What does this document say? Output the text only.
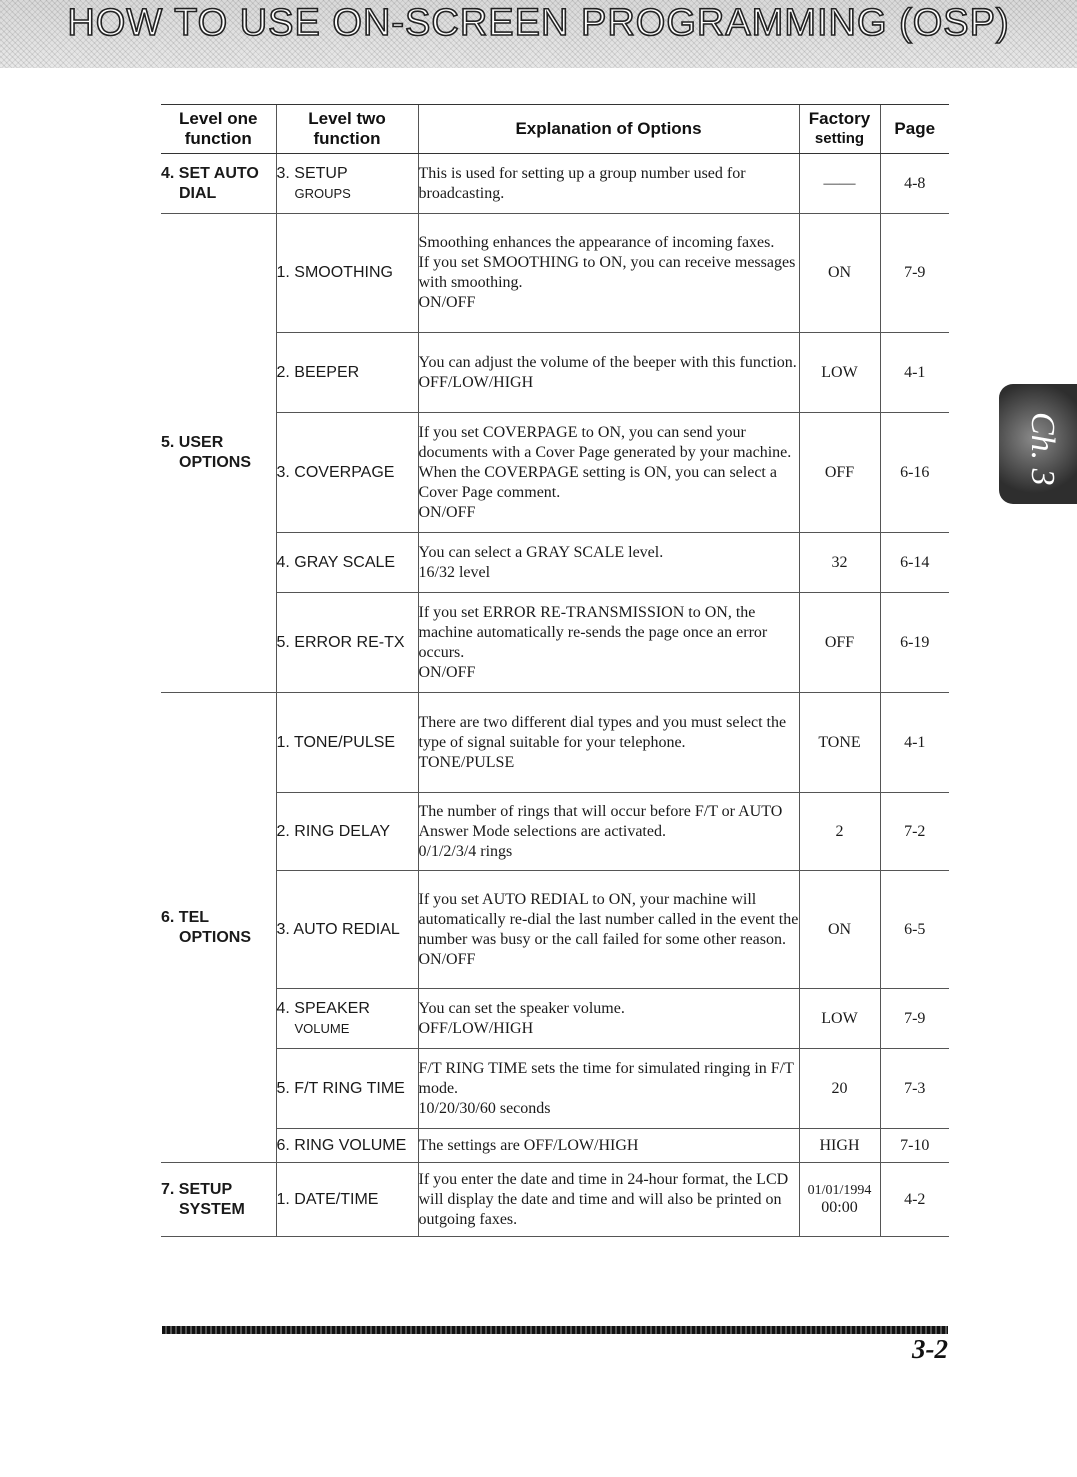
HOW TO USE ON-SCREEN PROGRAMMING (OSP)
Level one
function	Level two
function	Explanation of Options	Factory
setting	Page

4. SET AUTO
DIAL	3. SETUP
GROUPS	This is used for setting up a group number used for broadcasting.	——	4-8

5. USER
OPTIONS	1. SMOOTHING	Smoothing enhances the appearance of incoming faxes.
If you set SMOOTHING to ON, you can receive messages with smoothing.
ON/OFF	ON	7-9

	2. BEEPER	You can adjust the volume of the beeper with this function.
OFF/LOW/HIGH	LOW	4-1

	3. COVERPAGE	If you set COVERPAGE to ON, you can send your documents with a Cover Page generated by your machine. When the COVERPAGE setting is ON, you can select a Cover Page comment.
ON/OFF	OFF	6-16

	4. GRAY SCALE	You can select a GRAY SCALE level.
16/32 level	32	6-14

	5. ERROR RE-TX	If you set ERROR RE-TRANSMISSION to ON, the machine automatically re-sends the page once an error occurs.
ON/OFF	OFF	6-19

6. TEL
OPTIONS	1. TONE/PULSE	There are two different dial types and you must select the type of signal suitable for your telephone.
TONE/PULSE	TONE	4-1

	2. RING DELAY	The number of rings that will occur before F/T or AUTO Answer Mode selections are activated.
0/1/2/3/4 rings	2	7-2

	3. AUTO REDIAL	If you set AUTO REDIAL to ON, your machine will automatically re-dial the last number called in the event the number was busy or the call failed for some other reason.
ON/OFF	ON	6-5

	4. SPEAKER
VOLUME	You can set the speaker volume.
OFF/LOW/HIGH	LOW	7-9

	5. F/T RING TIME	F/T RING TIME sets the time for simulated ringing in F/T mode.
10/20/30/60 seconds	20	7-3

	6. RING VOLUME	The settings are OFF/LOW/HIGH	HIGH	7-10

7. SETUP
SYSTEM	1. DATE/TIME	If you enter the date and time in 24-hour format, the LCD will display the date and time and will also be printed on outgoing faxes.	01/01/1994
00:00	4-2
Ch. 3
3-2
